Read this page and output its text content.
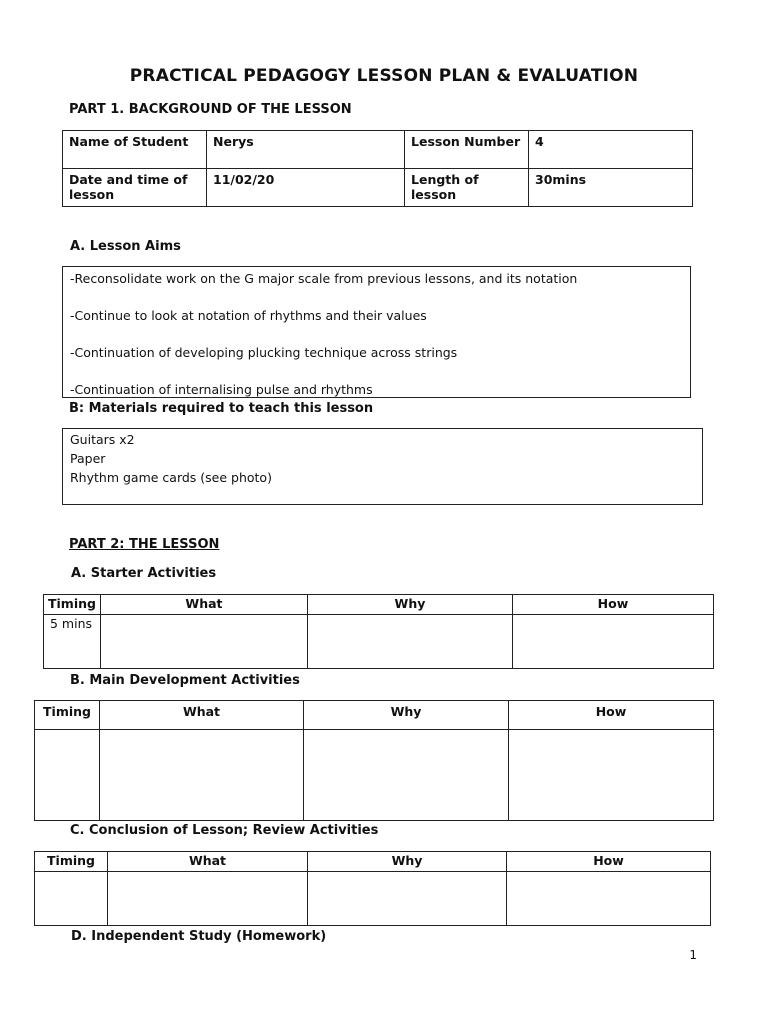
PRACTICAL PEDAGOGY LESSON PLAN & EVALUATION
PART 1. BACKGROUND OF THE LESSON
Name of Student	Nerys	Lesson Number	4
Date and time of lesson	11/02/20	Length of lesson	30mins
A. Lesson Aims
-Reconsolidate work on the G major scale from previous lessons, and its notation
-Continue to look at notation of rhythms and their values
-Continuation of developing plucking technique across strings
-Continuation of internalising pulse and rhythms
B: Materials required to teach this lesson
Guitars x2
Paper
Rhythm game cards (see photo)
PART 2: THE LESSON
A. Starter Activities
Timing	What	Why	How
5 mins			
B. Main Development Activities
Timing	What	Why	How

C. Conclusion of Lesson; Review Activities
Timing	What	Why	How

D. Independent Study (Homework)
1
